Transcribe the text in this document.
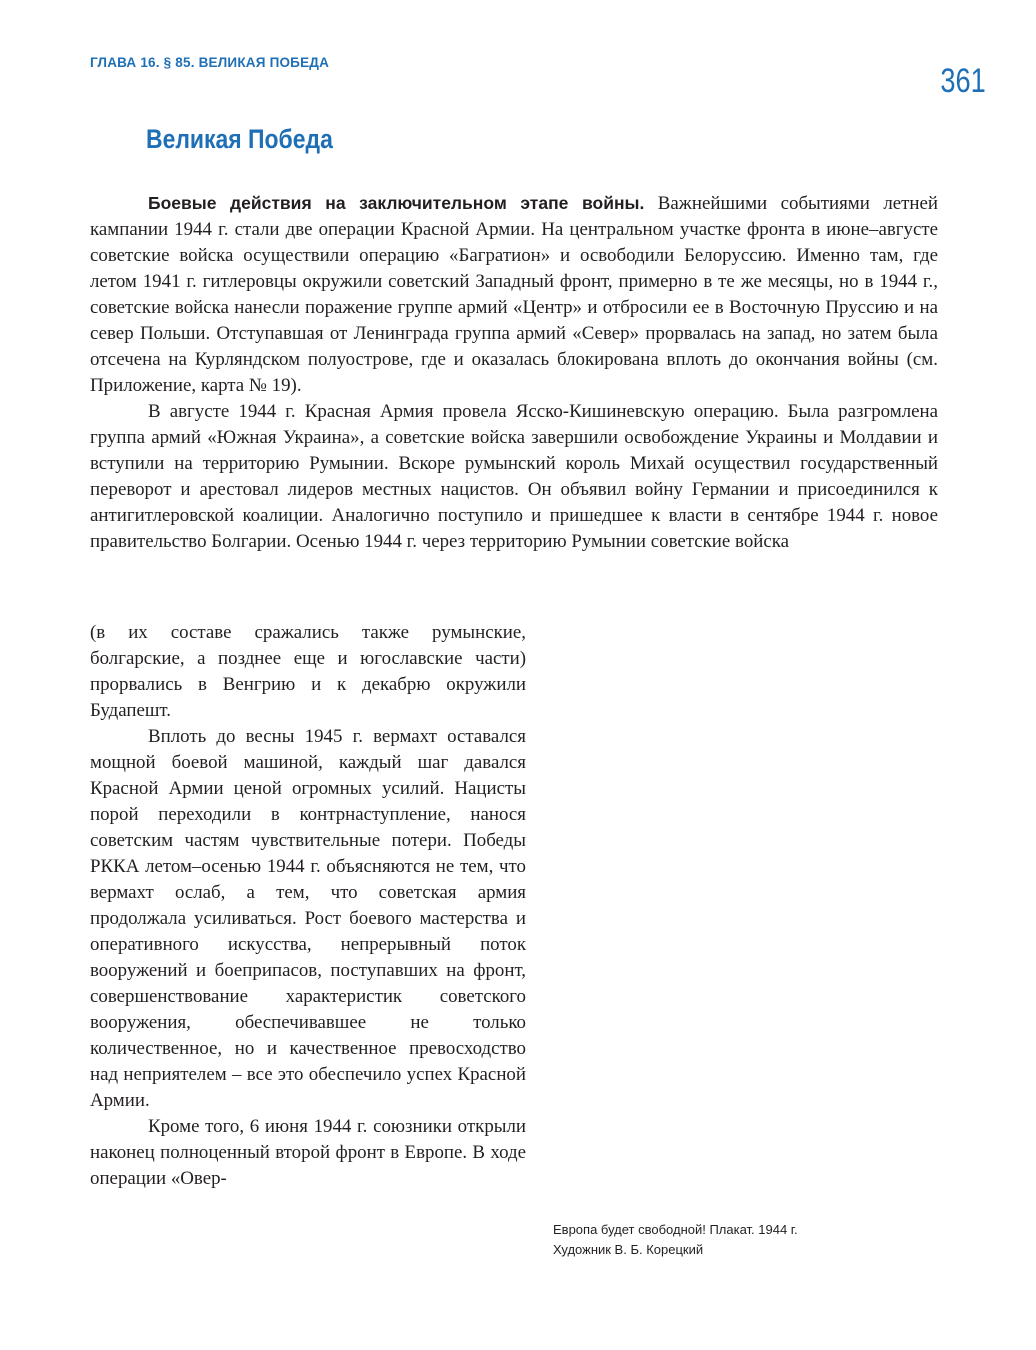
ГЛАВА 16. § 85. ВЕЛИКАЯ ПОБЕДА	361
Великая Победа

Боевые действия на заключительном этапе войны. Важнейшими событиями летней кампании 1944 г. стали две операции Красной Армии. На центральном участке фронта в июне–августе советские войска осуществили операцию «Багратион» и освободили Белоруссию. Именно там, где летом 1941 г. гитлеровцы окружили советский Западный фронт, примерно в те же месяцы, но в 1944 г., советские войска нанесли поражение группе армий «Центр» и отбросили ее в Восточную Пруссию и на север Польши. Отступавшая от Ленинграда группа армий «Север» прорвалась на запад, но затем была отсечена на Курляндском полуострове, где и оказалась блокирована вплоть до окончания войны (см. Приложение, карта № 19).

В августе 1944 г. Красная Армия провела Ясско-Кишиневскую операцию. Была разгромлена группа армий «Южная Украина», а советские войска завершили освобождение Украины и Молдавии и вступили на территорию Румынии. Вскоре румынский король Михай осуществил государственный переворот и арестовал лидеров местных нацистов. Он объявил войну Германии и присоединился к антигитлеровской коалиции. Аналогично поступило и пришедшее к власти в сентябре 1944 г. новое правительство Болгарии. Осенью 1944 г. через территорию Румынии советские войска

(в их составе сражались также румынские, болгарские, а позднее еще и югославские части) прорвались в Венгрию и к декабрю окружили Будапешт.

Вплоть до весны 1945 г. вермахт оставался мощной боевой машиной, каждый шаг давался Красной Армии ценой огромных усилий. Нацисты порой переходили в контрнаступление, нанося советским частям чувствительные потери. Победы РККА летом–осенью 1944 г. объясняются не тем, что вермахт ослаб, а тем, что советская армия продолжала усиливаться. Рост боевого мастерства и оперативного искусства, непрерывный поток вооружений и боеприпасов, поступавших на фронт, совершенствование характеристик советского вооружения, обеспечивавшее не только количественное, но и качественное превосходство над неприятелем – все это обеспечило успех Красной Армии.

Кроме того, 6 июня 1944 г. союзники открыли наконец полноценный второй фронт в Европе. В ходе операции «Овер-

Европа будет свободной! Плакат. 1944 г.
Художник В. Б. Корецкий
